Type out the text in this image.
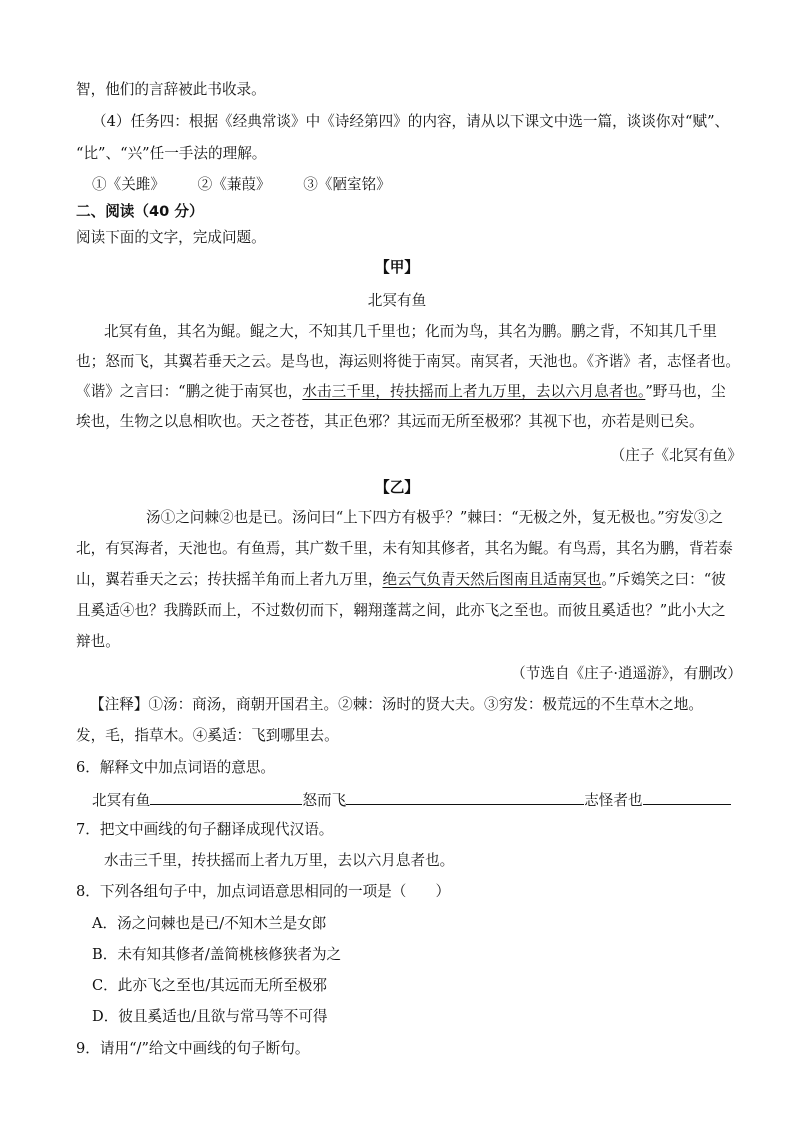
智，他们的言辞被此书收录。
（4）任务四：根据《经典常谈》中《诗经第四》的内容，请从以下课文中选一篇，谈谈你对“赋”、
“比”、“兴”任一手法的理解。
①《关雎》 ②《蒹葭》 ③《陋室铭》
二、阅读（40 分）
阅读下面的文字，完成问题。
【甲】
北冥有鱼
北冥有鱼，其名为鲲。鲲之大，不知其几千里也；化而为鸟，其名为鹏。鹏之背，不知其几千里
也；怒而飞，其翼若垂天之云。是鸟也，海运则将徙于南冥。南冥者，天池也。《齐谐》者，志怪者也。
《谐》之言曰：“鹏之徙于南冥也，水击三千里，抟扶摇而上者九万里，去以六月息者也。”野马也，尘
埃也，生物之以息相吹也。天之苍苍，其正色邪？其远而无所至极邪？其视下也，亦若是则已矣。
（庄子《北冥有鱼》
【乙】
汤①之问棘②也是已。汤问曰“上下四方有极乎？”棘曰：“无极之外，复无极也。”穷发③之
北，有冥海者，天池也。有鱼焉，其广数千里，未有知其修者，其名为鲲。有鸟焉，其名为鹏，背若泰
山，翼若垂天之云；抟扶摇羊角而上者九万里，绝云气负青天然后图南且适南冥也。”斥鴳笑之曰：“彼
且奚适④也？我腾跃而上，不过数仞而下，翱翔蓬蒿之间，此亦飞之至也。而彼且奚适也？”此小大之
辩也。
（节选自《庄子·逍遥游》，有删改）
【注释】①汤：商汤，商朝开国君主。②棘：汤时的贤大夫。③穷发：极荒远的不生草木之地。
发，毛，指草木。④奚适：飞到哪里去。
6．解释文中加点词语的意思。
北冥有鱼	怒而飞	志怪者也
7．把文中画线的句子翻译成现代汉语。
水击三千里，抟扶摇而上者九万里，去以六月息者也。
8．下列各组句子中，加点词语意思相同的一项是（　　）
A．汤之问棘也是已/不知木兰是女郎
B．未有知其修者/盖简桃核修狭者为之
C．此亦飞之至也/其远而无所至极邪
D．彼且奚适也/且欲与常马等不可得
9．请用“/”给文中画线的句子断句。
